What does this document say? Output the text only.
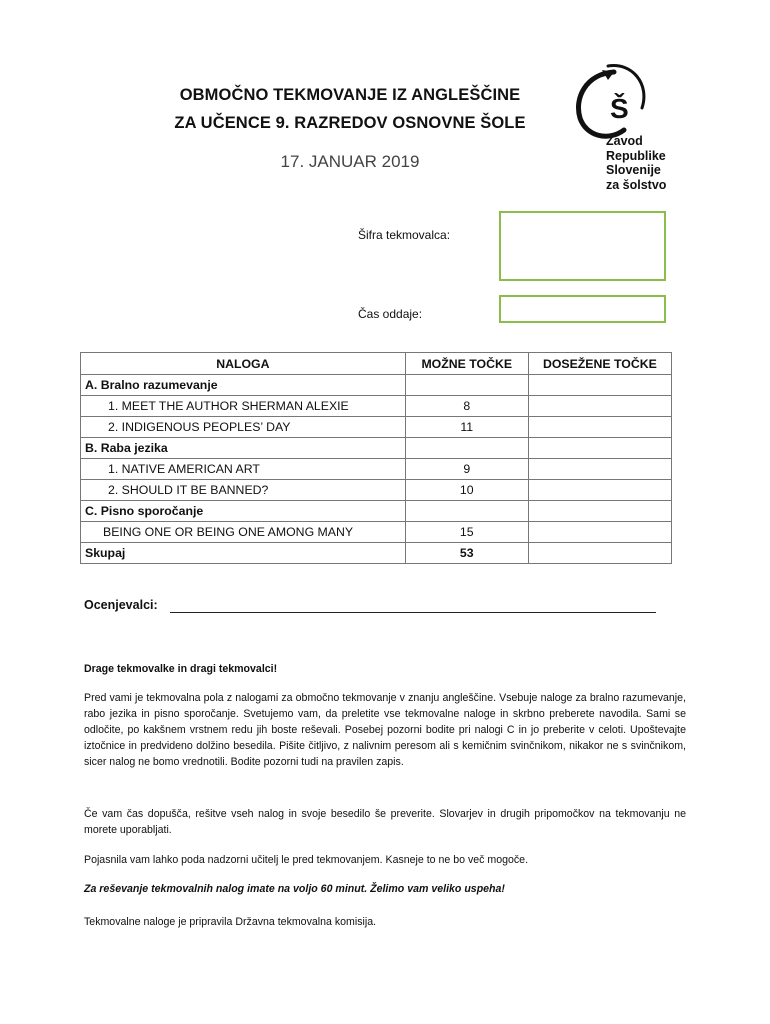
OBMOČNO TEKMOVANJE IZ ANGLEŠČINE
ZA UČENCE 9. RAZREDOV OSNOVNE ŠOLE
17. JANUAR 2019
Š
Zavod
Republike
Slovenije
za šolstvo
Šifra tekmovalca:
Čas oddaje:
NALOGA	MOŽNE TOČKE	DOSEŽENE TOČKE
A. Bralno razumevanje		
1. MEET THE AUTHOR SHERMAN ALEXIE	8	
2. INDIGENOUS PEOPLES’ DAY	11	
B. Raba jezika		
1. NATIVE AMERICAN ART	9	
2. SHOULD IT BE BANNED?	10	
C. Pisno sporočanje		
BEING ONE OR BEING ONE AMONG MANY	15	
Skupaj	53	
Ocenjevalci:
Drage tekmovalke in dragi tekmovalci!
Pred vami je tekmovalna pola z nalogami za območno tekmovanje v znanju angleščine. Vsebuje naloge za bralno razumevanje, rabo jezika in pisno sporočanje. Svetujemo vam, da preletite vse tekmovalne naloge in skrbno preberete navodila. Sami se odločite, po kakšnem vrstnem redu jih boste reševali. Posebej pozorni bodite pri nalogi C in jo preberite v celoti. Upoštevajte iztočnice in predvideno dolžino besedila. Pišite čitljivo, z nalivnim peresom ali s kemičnim svinčnikom, nikakor ne s svinčnikom, sicer nalog ne bomo vrednotili. Bodite pozorni tudi na pravilen zapis.
Če vam čas dopušča, rešitve vseh nalog in svoje besedilo še preverite. Slovarjev in drugih pripomočkov na tekmovanju ne morete uporabljati.
Pojasnila vam lahko poda nadzorni učitelj le pred tekmovanjem. Kasneje to ne bo več mogoče.
Za reševanje tekmovalnih nalog imate na voljo 60 minut. Želimo vam veliko uspeha!
Tekmovalne naloge je pripravila Državna tekmovalna komisija.
